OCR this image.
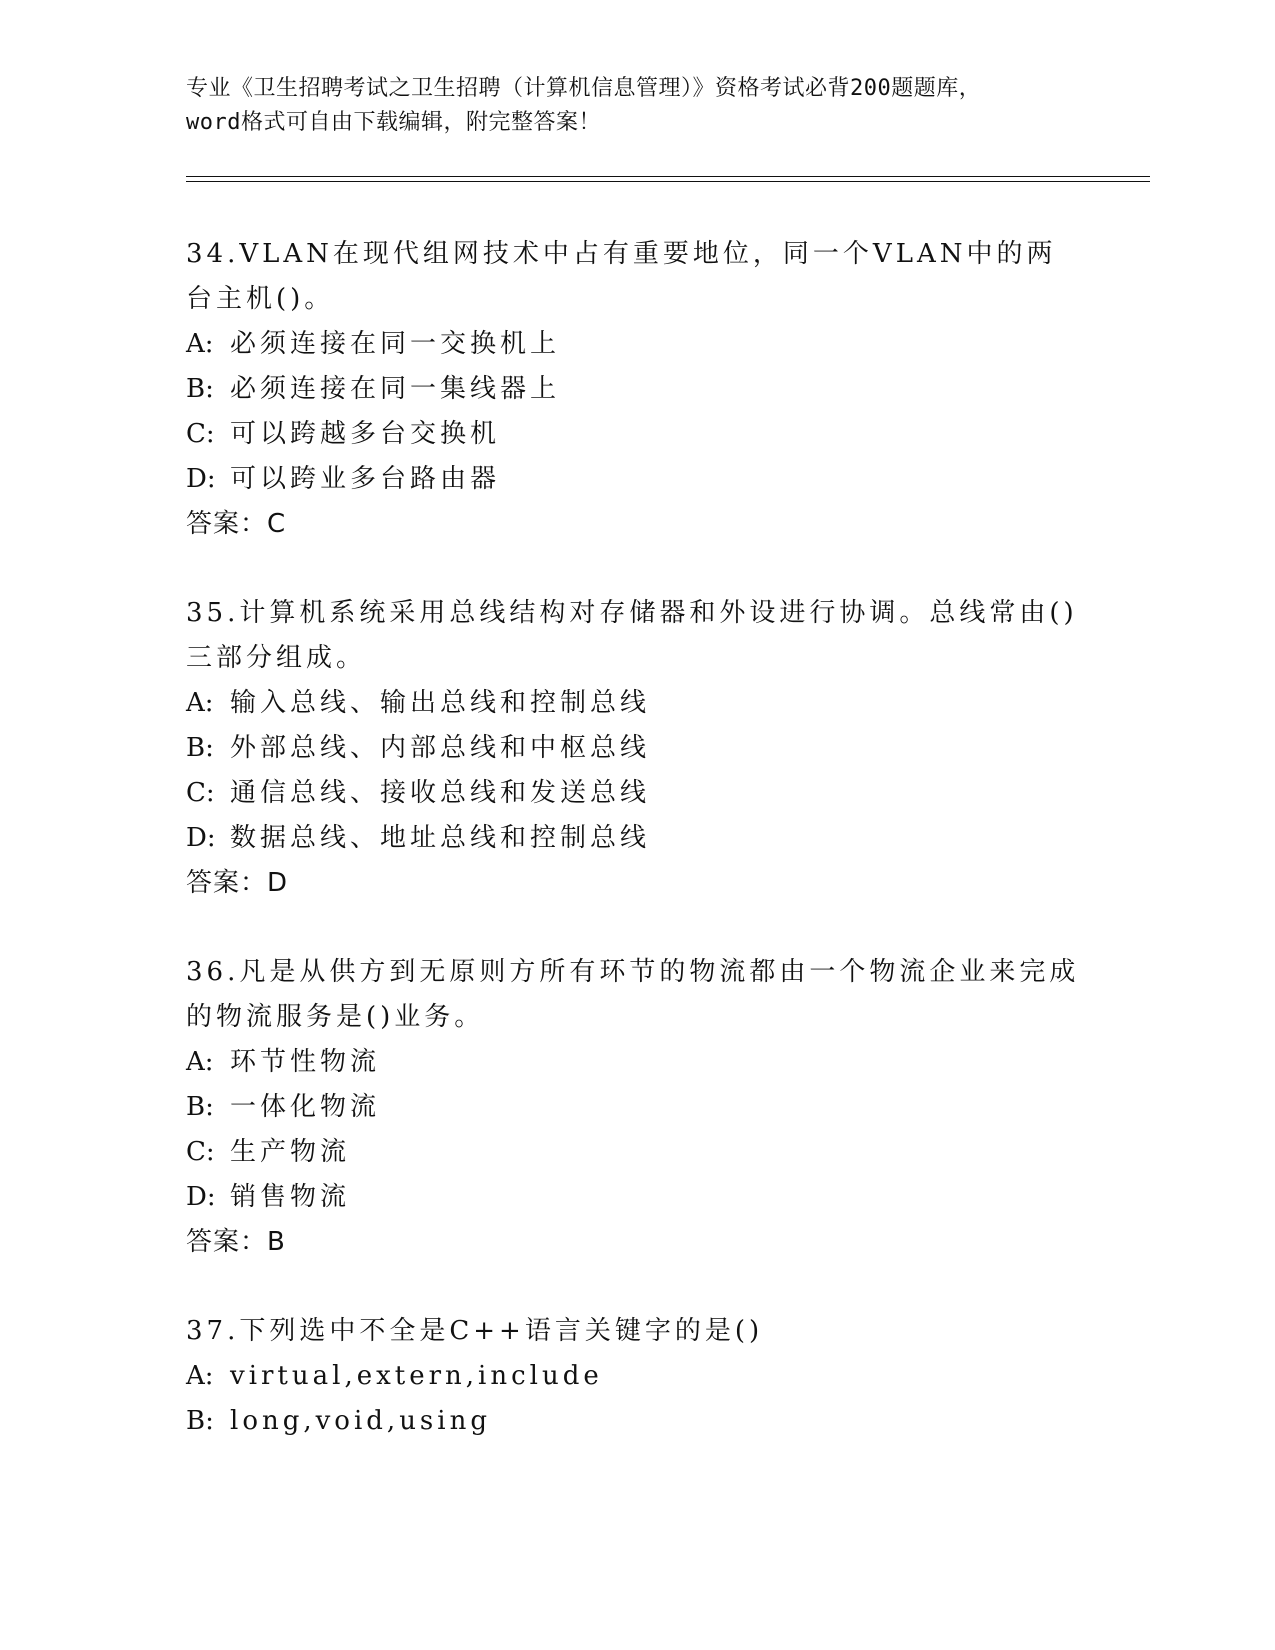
专业《卫生招聘考试之卫生招聘（计算机信息管理）》资格考试必背200题题库，
word格式可自由下载编辑，附完整答案！

34.VLAN在现代组网技术中占有重要地位，同一个VLAN中的两台主机()。

A: 必须连接在同一交换机上

B: 必须连接在同一集线器上

C: 可以跨越多台交换机

D: 可以跨业多台路由器

答案：C

35.计算机系统采用总线结构对存储器和外设进行协调。总线常由()三部分组成。

A: 输入总线、输出总线和控制总线

B: 外部总线、内部总线和中枢总线

C: 通信总线、接收总线和发送总线

D: 数据总线、地址总线和控制总线

答案：D

36.凡是从供方到无原则方所有环节的物流都由一个物流企业来完成的物流服务是()业务。

A: 环节性物流

B: 一体化物流

C: 生产物流

D: 销售物流

答案：B

37.下列选中不全是C++语言关键字的是()

A: virtual,extern,include

B: long,void,using
